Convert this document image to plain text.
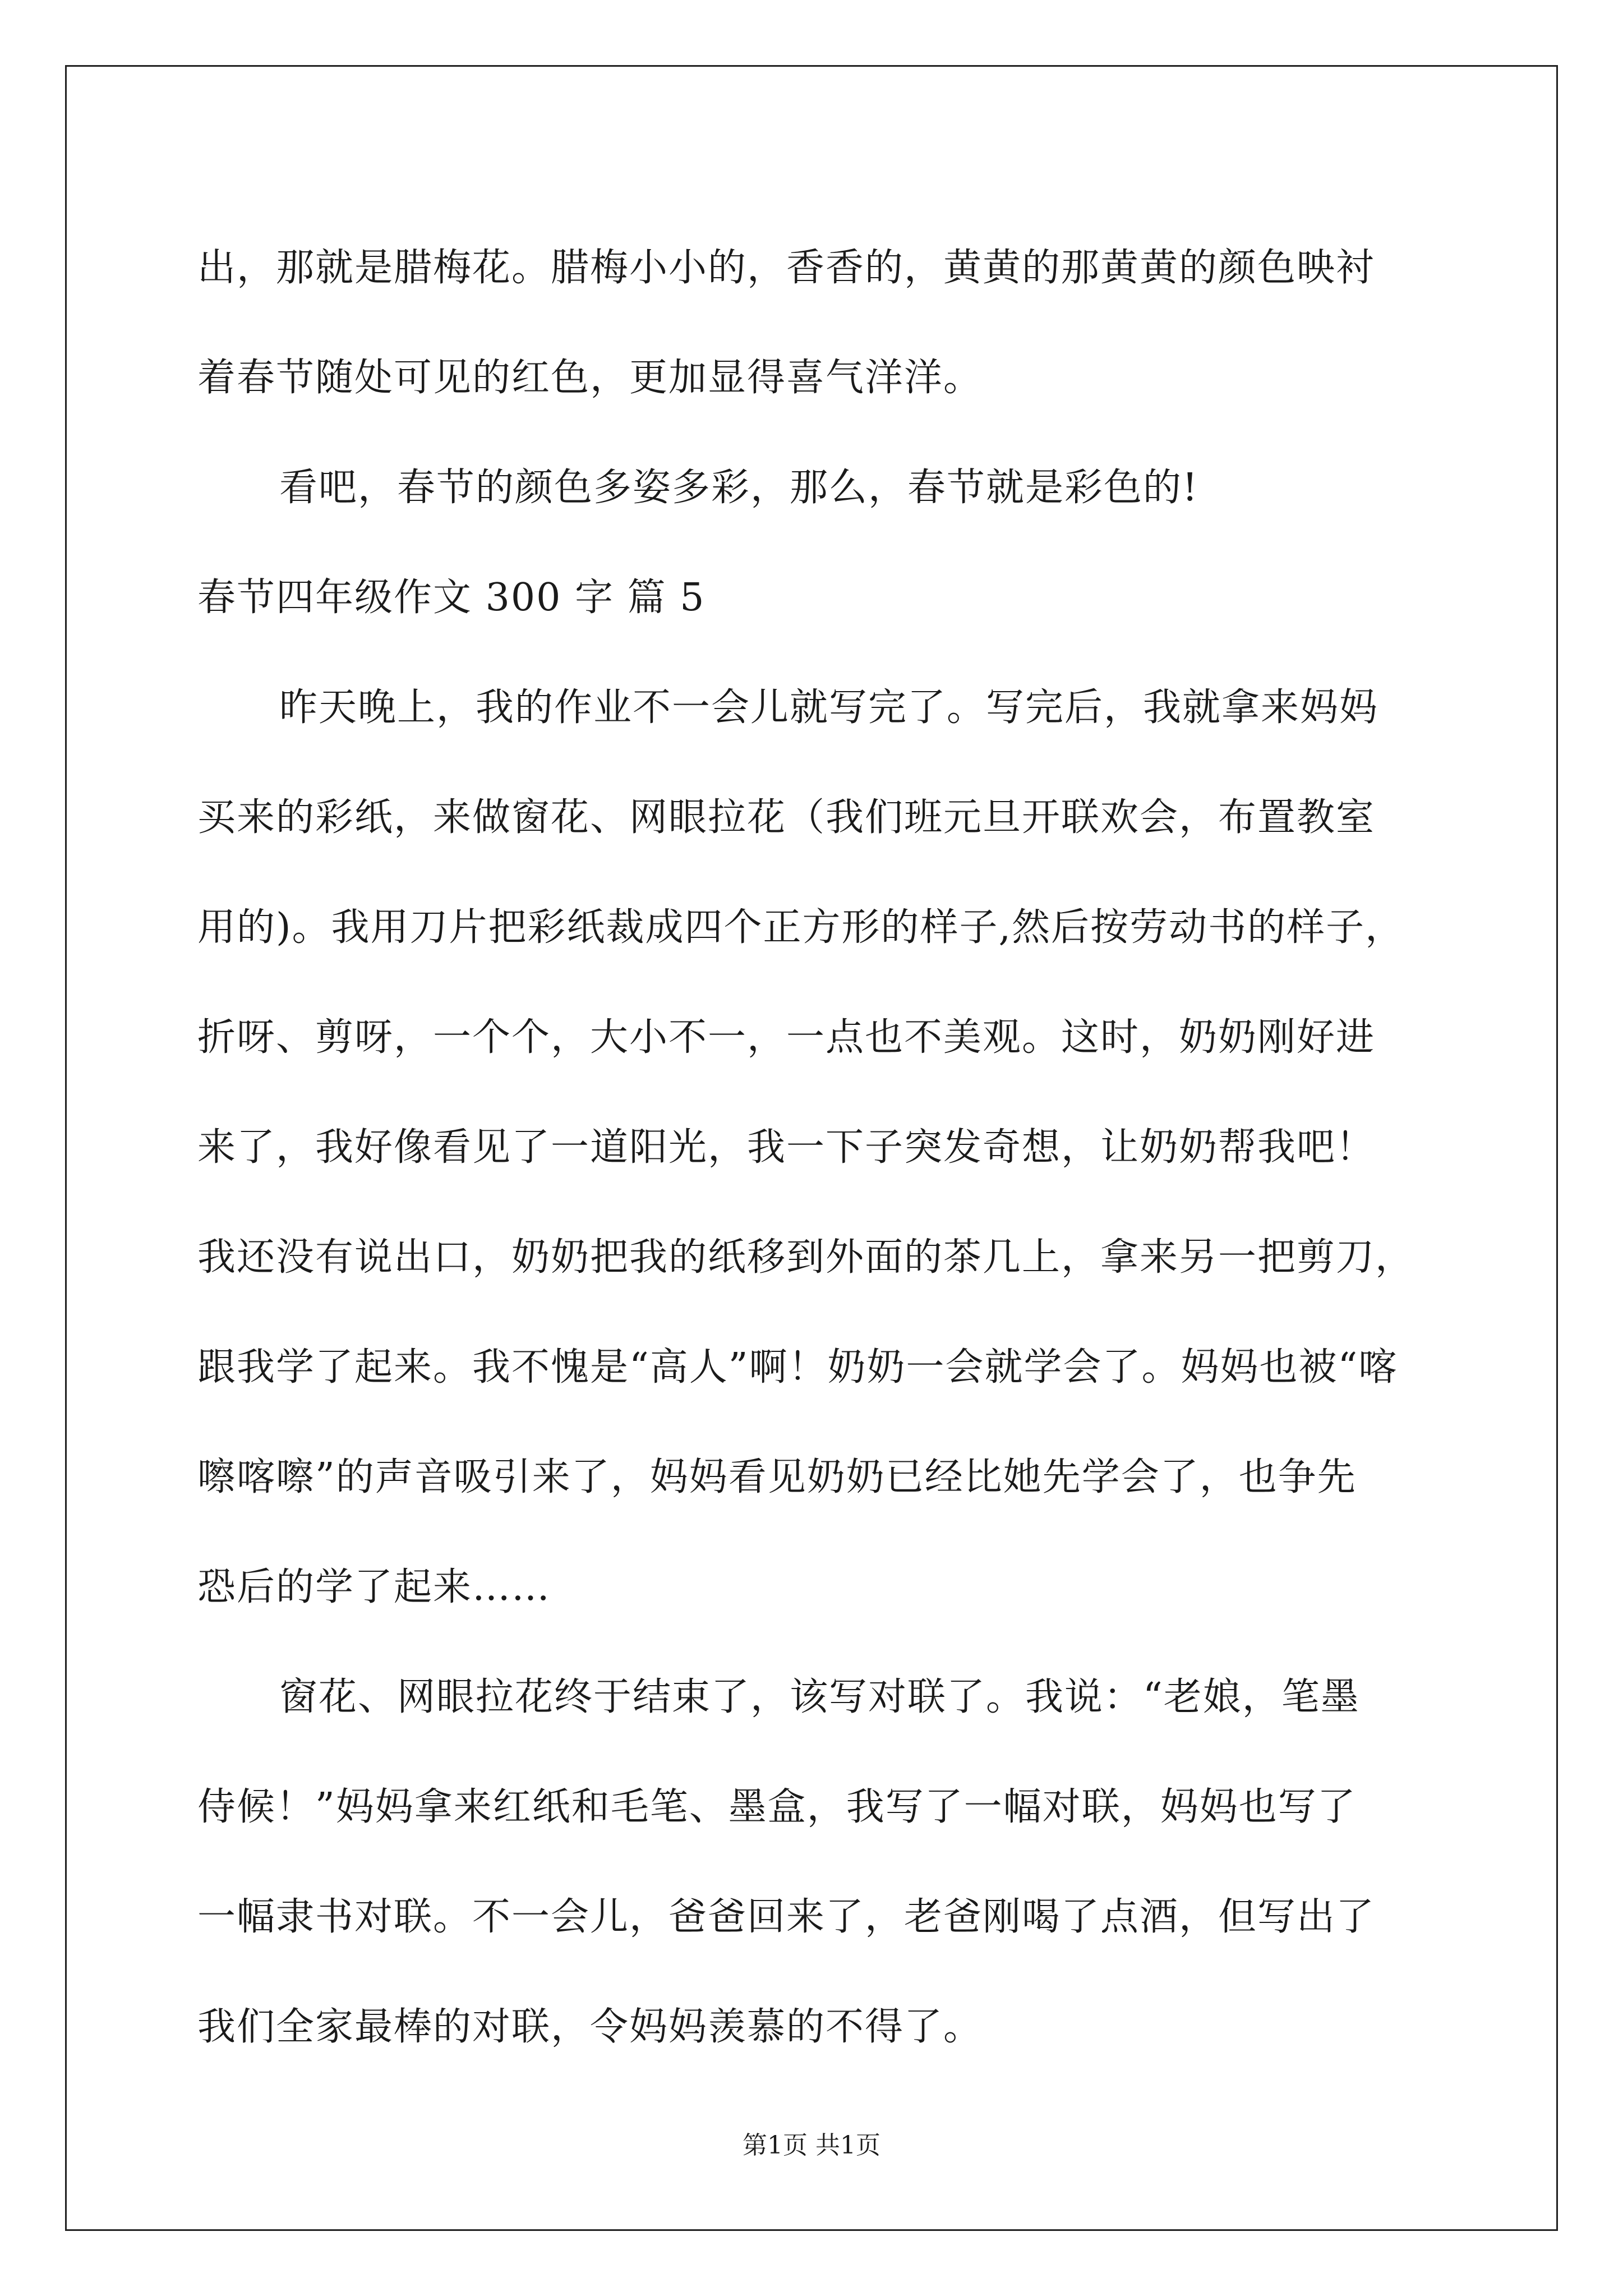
出，那就是腊梅花。腊梅小小的，香香的，黄黄的那黄黄的颜色映衬
着春节随处可见的红色，更加显得喜气洋洋。
看吧，春节的颜色多姿多彩，那么，春节就是彩色的!
春节四年级作文 300 字 篇 5
昨天晚上，我的作业不一会儿就写完了。写完后，我就拿来妈妈
买来的彩纸，来做窗花、网眼拉花（我们班元旦开联欢会，布置教室
用的)。我用刀片把彩纸裁成四个正方形的样子,然后按劳动书的样子，
折呀、剪呀，一个个，大小不一，一点也不美观。这时，奶奶刚好进
来了，我好像看见了一道阳光，我一下子突发奇想，让奶奶帮我吧！
我还没有说出口，奶奶把我的纸移到外面的茶几上，拿来另一把剪刀，
跟我学了起来。我不愧是“高人”啊！奶奶一会就学会了。妈妈也被“喀
嚓喀嚓”的声音吸引来了，妈妈看见奶奶已经比她先学会了，也争先
恐后的学了起来……
窗花、网眼拉花终于结束了，该写对联了。我说：“老娘，笔墨
侍候！”妈妈拿来红纸和毛笔、墨盒，我写了一幅对联，妈妈也写了
一幅隶书对联。不一会儿，爸爸回来了，老爸刚喝了点酒，但写出了
我们全家最棒的对联，令妈妈羡慕的不得了。
第1页 共1页
